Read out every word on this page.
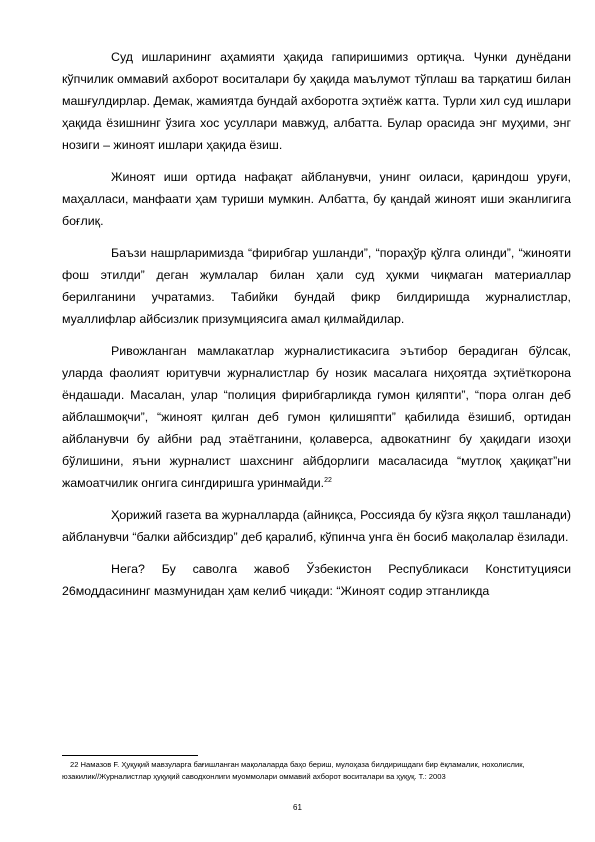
Суд ишларининг аҳамияти ҳақида гапиришимиз ортиқча. Чунки дунёдани кўпчилик оммавий ахборот воситалари бу ҳақида маълумот тўплаш ва тарқатиш билан машғулдирлар. Демак, жамиятда бундай ахборотга эҳтиёж катта. Турли хил суд ишлари ҳақида ёзишнинг ўзига хос усуллари мавжуд, албатта. Булар орасида энг муҳими, энг нозиги – жиноят ишлари ҳақида ёзиш.

Жиноят иши ортида нафақат айбланувчи, унинг оиласи, қариндош уруғи, маҳалласи, манфаати ҳам туриши мумкин. Албатта, бу қандай жиноят иши эканлигига боғлиқ.

Баъзи нашрларимизда “фирибгар ушланди”, “пораҳўр қўлга олинди”, “жинояти фош этилди” деган жумлалар билан ҳали суд ҳукми чиқмаган материаллар берилганини учратамиз. Табийки бундай фикр билдиришда журналистлар, муаллифлар айбсизлик призумциясига амал қилмайдилар.

Ривожланган мамлакатлар журналистикасига эътибор берадиган бўлсак, уларда фаолият юритувчи журналистлар бу нозик масалага ниҳоятда эҳтиёткорона ёндашади. Масалан, улар “полиция фирибгарликда гумон қиляпти”, “пора олган деб айблашмоқчи”, “жиноят қилган деб гумон қилишяпти” қабилида ёзишиб, ортидан айбланувчи бу айбни рад этаётганини, қолаверса, адвокатнинг бу ҳақидаги изоҳи бўлишини, яъни журналист шахснинг айбдорлиги масаласида “мутлоқ ҳақиқат”ни жамоатчилик онгига сингдиришга уринмайди.$^{22}$

Ҳорижий газета ва журналларда (айниқса, Россияда бу кўзга яққол ташланади) айбланувчи “балки айбсиздир” деб қаралиб, кўпинча унга ён босиб мақолалар ёзилади.

Нега? Бу саволга жавоб Ўзбекистон Республикаси Конституцияси 26моддасининг мазмунидан ҳам келиб чиқади: “Жиноят содир этганликда

22 Намазов F. Ҳуқуқий мавзуларга бағишланган мақолаларда баҳо бериш, мулоҳаза билдиришдаги бир ёқламалик, нохолислик, юзакилик//Журналистлар ҳуқуқий саводхонлиги муоммолари оммавий ахборот воситалари ва ҳуқуқ. Т.: 2003

61
